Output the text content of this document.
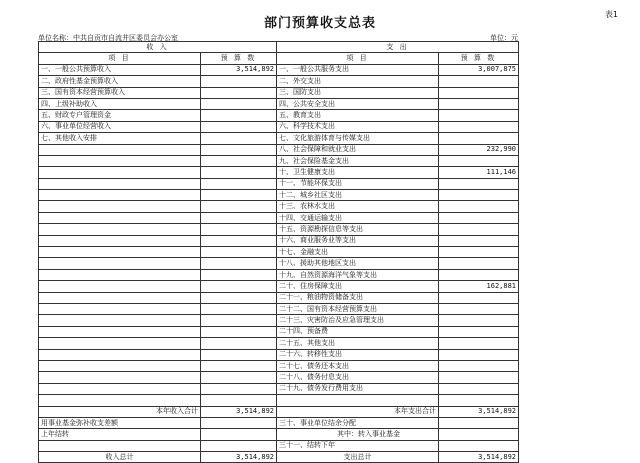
表1
部门预算收支总表
单位名称：中共自贡市自流井区委员会办公室	单位：元
收 入		支 出	
项 目	预 算 数	项 目	预 算 数
一、一般公共预算收入	3,514,892	一、一般公共服务支出	3,007,875
二、政府性基金预算收入		二、外交支出	
三、国有资本经营预算收入		三、国防支出	
四、上级补助收入		四、公共安全支出	
五、财政专户管理资金		五、教育支出	
六、事业单位经营收入		六、科学技术支出	
七、其他收入安排		七、文化旅游体育与传媒支出	
		八、社会保障和就业支出	232,990
		九、社会保险基金支出	
		十、卫生健康支出	111,146
		十一、节能环保支出	
		十二、城乡社区支出	
		十三、农林水支出	
		十四、交通运输支出	
		十五、资源勘探信息等支出	
		十六、商业服务业等支出	
		十七、金融支出	
		十八、援助其他地区支出	
		十九、自然资源海洋气象等支出	
		二十、住房保障支出	162,881
		二十一、粮油物资储备支出	
		二十二、国有资本经营预算支出	
		二十三、灾害防治及应急管理支出	
		二十四、预备费	
		二十五、其他支出	
		二十六、转移性支出	
		二十七、债务还本支出	
		二十八、债务付息支出	
		二十九、债务发行费用支出	

本年收入合计	3,514,892	本年支出合计	3,514,892
用事业基金弥补收支差额		三十、事业单位结余分配	
上年结转		其中：转入事业基金	
		三十一、结转下年	
收入总计	3,514,892	支出总计	3,514,892
